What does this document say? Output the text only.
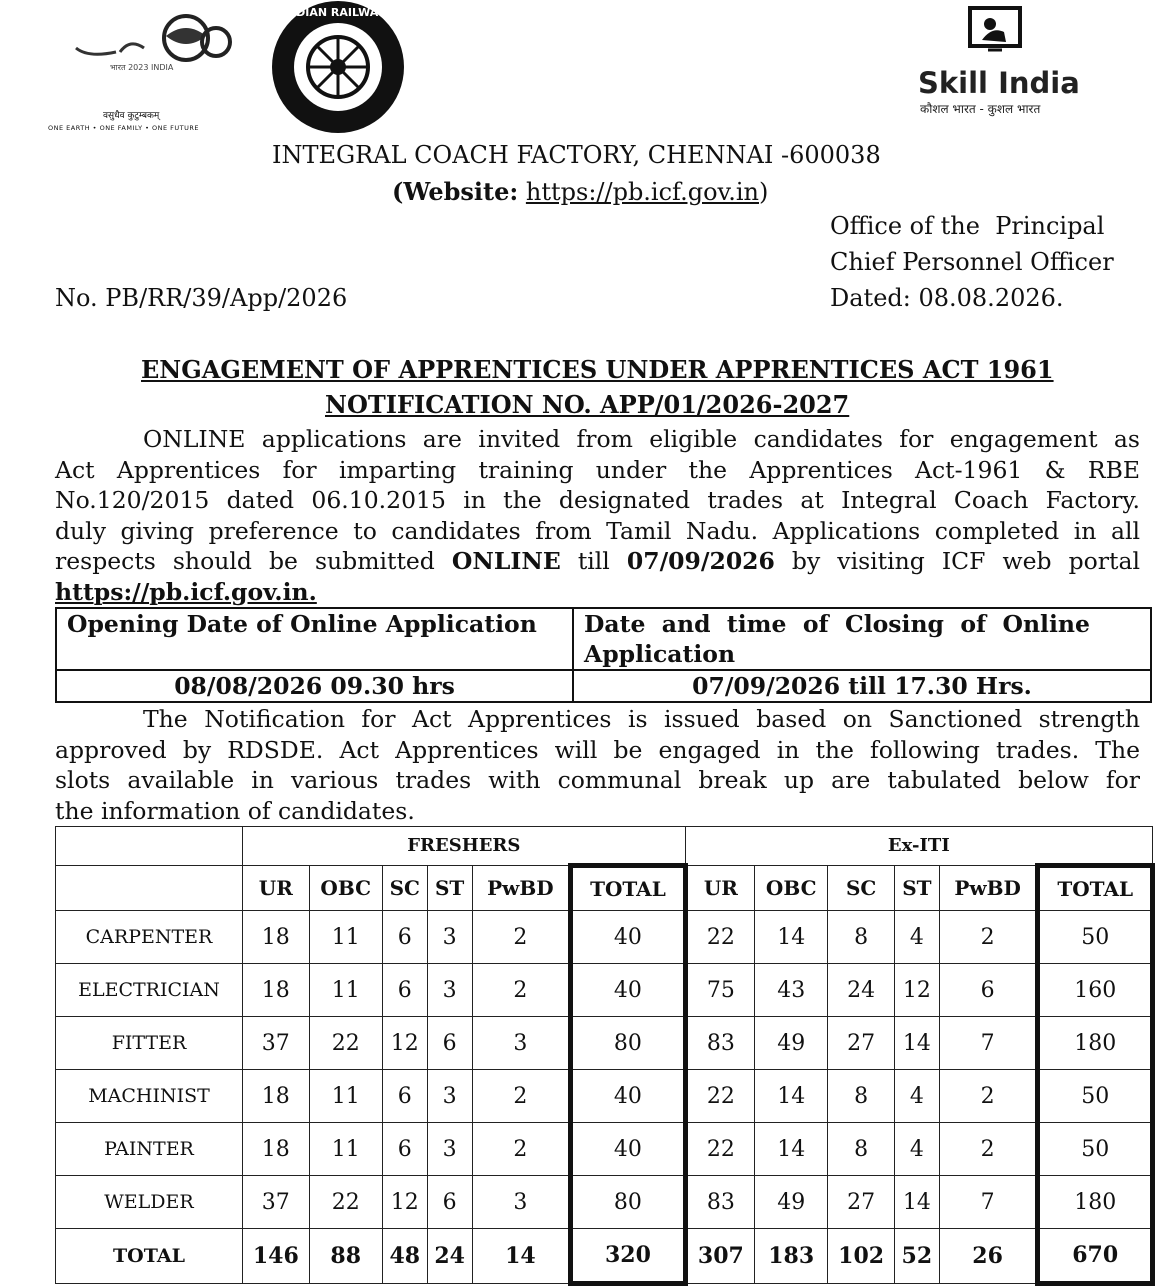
भारत 2023 INDIA
वसुधैव कुटुम्बकम्
ONE EARTH • ONE FAMILY • ONE FUTURE
INDIAN RAILWAYS
Skill India
कौशल भारत - कुशल भारत
INTEGRAL COACH FACTORY, CHENNAI -600038
(Website: https://pb.icf.gov.in)
Office of the  Principal
Chief Personnel Officer
Dated: 08.08.2026.
No. PB/RR/39/App/2026
ENGAGEMENT OF APPRENTICES UNDER APPRENTICES ACT 1961
NOTIFICATION NO. APP/01/2026-2027
ONLINE applications are invited from eligible candidates for engagement as
Act Apprentices for imparting training under the Apprentices Act-1961 & RBE
No.120/2015 dated 06.10.2015 in the designated trades at Integral Coach Factory.
duly giving preference to candidates from Tamil Nadu. Applications completed in all
respects should be submitted ONLINE till 07/09/2026 by visiting ICF web portal
https://pb.icf.gov.in.
Opening Date of Online Application	Date  and  time  of  Closing  of  Online
Application

08/08/2026 09.30 hrs	07/09/2026 till 17.30 Hrs.
The Notification for Act Apprentices is issued based on Sanctioned strength
approved by RDSDE. Act Apprentices will be engaged in the following trades. The
slots available in various trades with communal break up are tabulated below for
the information of candidates.
	FRESHERS						Ex-ITI					
	UR	OBC	SC	ST	PwBD	TOTAL	UR	OBC	SC	ST	PwBD	TOTAL
CARPENTER	18	11	6	3	2	40	22	14	8	4	2	50
ELECTRICIAN	18	11	6	3	2	40	75	43	24	12	6	160
FITTER	37	22	12	6	3	80	83	49	27	14	7	180
MACHINIST	18	11	6	3	2	40	22	14	8	4	2	50
PAINTER	18	11	6	3	2	40	22	14	8	4	2	50
WELDER	37	22	12	6	3	80	83	49	27	14	7	180
TOTAL	146	88	48	24	14	320	307	183	102	52	26	670
